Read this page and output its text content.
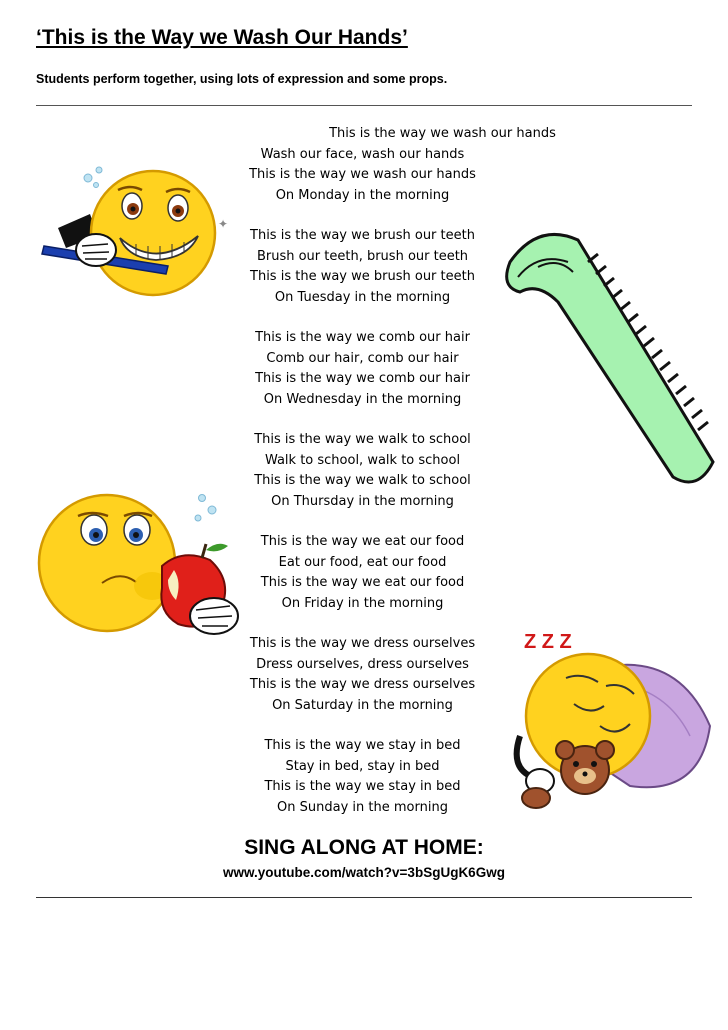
‘This is the Way we Wash Our Hands’
Students perform together, using lots of expression and some props.
This is the way we wash our hands
Wash our face, wash our hands
This is the way we wash our hands
On Monday in the morning
This is the way we brush our teeth
Brush our teeth, brush our teeth
This is the way we brush our teeth
On Tuesday in the morning
This is the way we comb our hair
Comb our hair, comb our hair
This is the way we comb our hair
On Wednesday in the morning
This is the way we walk to school
Walk to school, walk to school
This is the way we walk to school
On Thursday in the morning
This is the way we eat our food
Eat our food, eat our food
This is the way we eat our food
On Friday in the morning
This is the way we dress ourselves
Dress ourselves, dress ourselves
This is the way we dress ourselves
On Saturday in the morning
This is the way we stay in bed
Stay in bed, stay in bed
This is the way we stay in bed
On Sunday in the morning
SING ALONG AT HOME:
www.youtube.com/watch?v=3bSgUgK6Gwg
✦
Z Z Z
